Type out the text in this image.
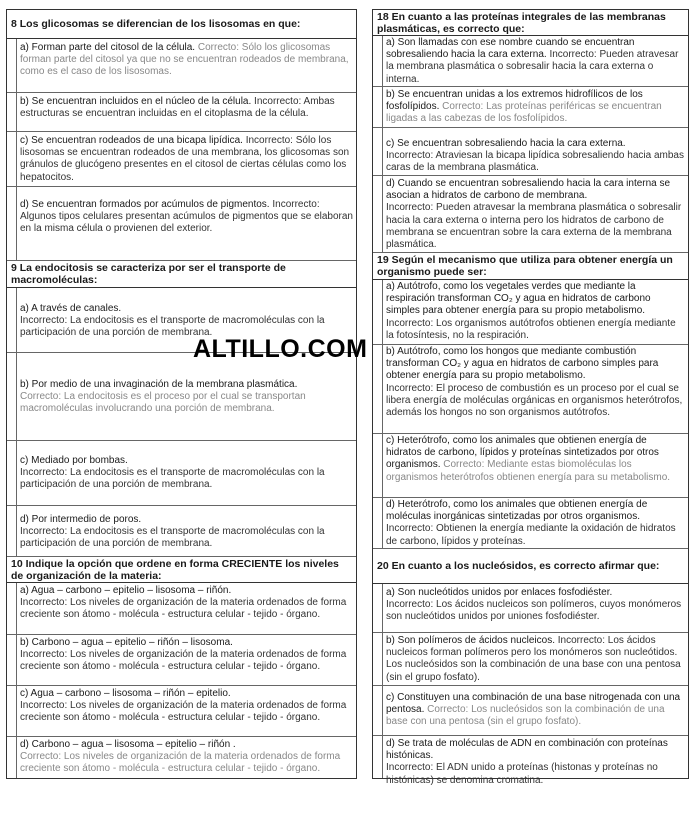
8 Los glicosomas se diferencian de los lisosomas en que:
a) Forman parte del citosol de la célula. Correcto: Sólo los glicosomas forman parte del citosol ya que no se encuentran rodeados de membrana, como es el caso de los lisosomas.
b) Se encuentran incluidos en el núcleo de la célula. Incorrecto: Ambas estructuras se encuentran incluidas en el citoplasma de la célula.
c) Se encuentran rodeados de una bicapa lipídica. Incorrecto: Sólo los lisosomas se encuentran rodeados de una membrana, los glicosomas son gránulos de glucógeno presentes en el citosol de ciertas células como los hepatocitos.
d) Se encuentran formados por acúmulos de pigmentos. Incorrecto: Algunos tipos celulares presentan acúmulos de pigmentos que se elaboran en la misma célula o provienen del exterior.
9 La endocitosis se caracteriza por ser el transporte de macromoléculas:
a) A través de canales.
Incorrecto: La endocitosis es el transporte de macromoléculas con la participación de una porción de membrana.
b) Por medio de una invaginación de la membrana plasmática.
Correcto: La endocitosis es el proceso por el cual se transportan macromoléculas involucrando una porción de membrana.
c) Mediado por bombas.
Incorrecto: La endocitosis es el transporte de macromoléculas con la participación de una porción de membrana.
d) Por intermedio de poros.
Incorrecto: La endocitosis es el transporte de macromoléculas con la participación de una porción de membrana.
10 Indique la opción que ordene en forma CRECIENTE los niveles de organización de la materia:
a) Agua – carbono – epitelio – lisosoma – riñón.
Incorrecto: Los niveles de organización de la materia ordenados de forma creciente son átomo - molécula - estructura celular - tejido - órgano.
b) Carbono – agua – epitelio – riñón – lisosoma.
Incorrecto: Los niveles de organización de la materia ordenados de forma creciente son átomo - molécula - estructura celular - tejido - órgano.
c) Agua – carbono – lisosoma – riñón – epitelio.
Incorrecto: Los niveles de organización de la materia ordenados de forma creciente son átomo - molécula - estructura celular - tejido - órgano.
d) Carbono – agua – lisosoma – epitelio – riñón .
Correcto: Los niveles de organización de la materia ordenados de forma creciente son átomo - molécula - estructura celular - tejido - órgano.
18 En cuanto a las proteínas integrales de las membranas plasmáticas, es correcto que:
a) Son llamadas con ese nombre cuando se encuentran sobresaliendo hacia la cara externa. Incorrecto: Pueden atravesar la membrana plasmática o sobresalir hacia la cara externa o interna.
b) Se encuentran unidas a los extremos hidrofílicos de los fosfolípidos. Correcto: Las proteínas periféricas se encuentran ligadas a las cabezas de los fosfolípidos.
c) Se encuentran sobresaliendo hacia la cara externa.
Incorrecto: Atraviesan la bicapa lipídica sobresaliendo hacia ambas caras de la membrana plasmática.
d) Cuando se encuentran sobresaliendo hacia la cara interna se asocian a hidratos de carbono de membrana.
Incorrecto: Pueden atravesar la membrana plasmática o sobresalir hacia la cara externa o interna pero los hidratos de carbono de membrana se encuentran sobre la cara externa de la membrana plasmática.
19 Según el mecanismo que utiliza para obtener energía un organismo puede ser:
a) Autótrofo, como los vegetales verdes que mediante la respiración transforman CO₂ y agua en hidratos de carbono simples para obtener energía para su propio metabolismo.
Incorrecto: Los organismos autótrofos obtienen energía mediante la fotosíntesis, no la respiración.
b) Autótrofo, como los hongos que mediante combustión transforman CO₂ y agua en hidratos de carbono simples para obtener energía para su propio metabolismo.
Incorrecto: El proceso de combustión es un proceso por el cual se libera energía de moléculas orgánicas en organismos heterótrofos, además los hongos no son organismos autótrofos.
c) Heterótrofo, como los animales que obtienen energía de hidratos de carbono, lípidos y proteínas sintetizados por otros organismos. Correcto: Mediante estas biomoléculas los organismos heterótrofos obtienen energía para su metabolismo.
d) Heterótrofo, como los animales que obtienen energía de moléculas inorgánicas sintetizadas por otros organismos. Incorrecto: Obtienen la energía mediante la oxidación de hidratos de carbono, lípidos y proteínas.
20 En cuanto a los nucleósidos, es correcto afirmar que:
a) Son nucleótidos unidos por enlaces fosfodiéster.
Incorrecto: Los ácidos nucleicos son polímeros, cuyos monómeros son nucleótidos unidos por uniones fosfodiéster.
b) Son polímeros de ácidos nucleicos. Incorrecto: Los ácidos nucleicos forman polímeros pero los monómeros son nucleótidos. Los nucleósidos son la combinación de una base con una pentosa (sin el grupo fosfato).
c) Constituyen una combinación de una base nitrogenada con una pentosa. Correcto: Los nucleósidos son la combinación de una base con una pentosa (sin el grupo fosfato).
d) Se trata de moléculas de ADN en combinación con proteínas histónicas.
Incorrecto: El ADN unido a proteínas (histonas y proteínas no histónicas) se denomina cromatina.
ALTILLO.COM
